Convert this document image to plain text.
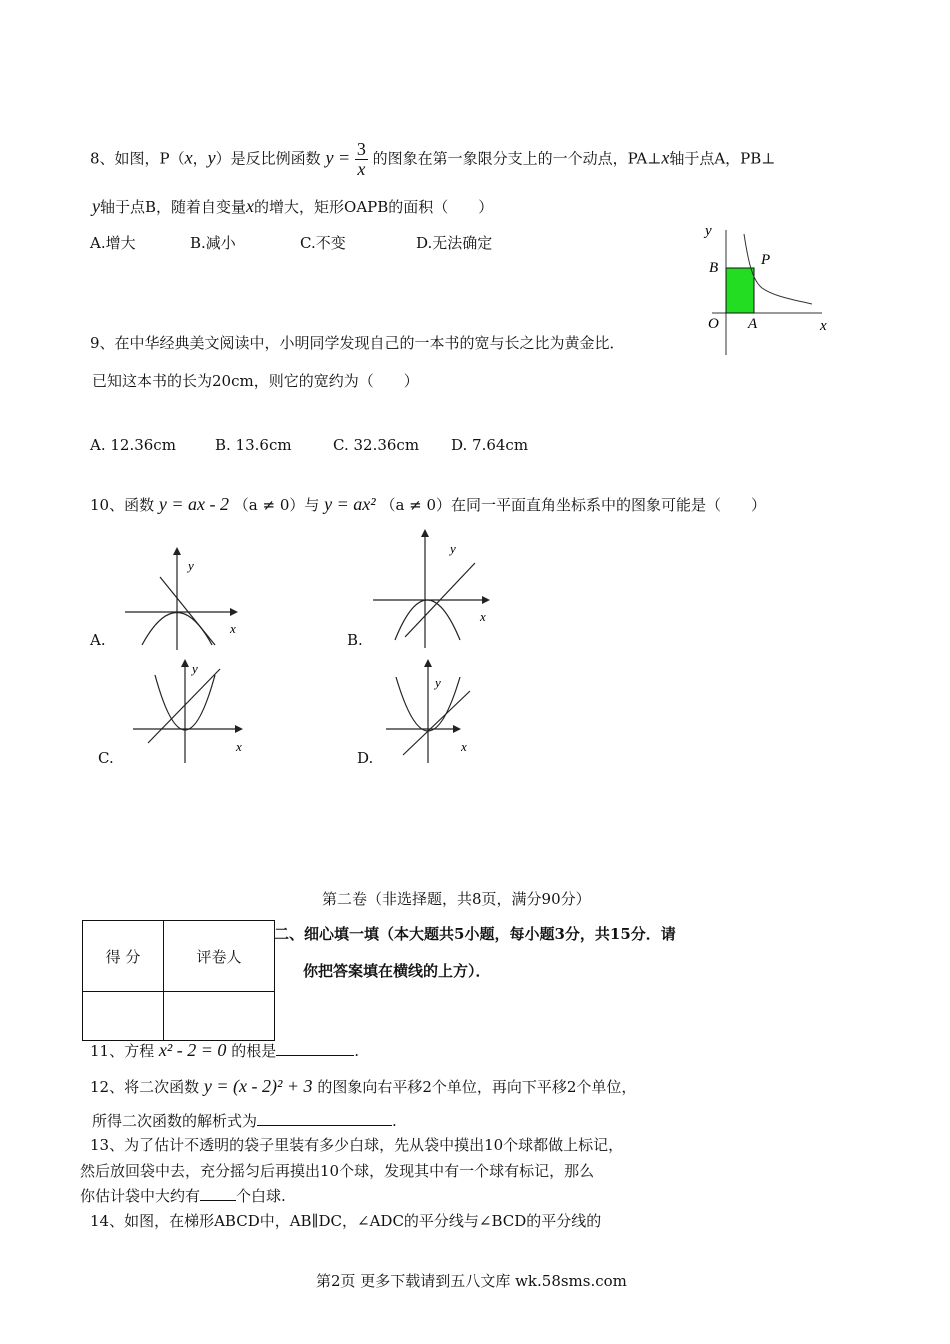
8、如图，P（x，y）是反比例函数 $y = \frac{3}{x}$ 的图象在第一象限分支上的一个动点，PA⊥x轴于点A，PB⊥
y轴于点B，随着自变量x的增大，矩形OAPB的面积（　　）
A.增大	B.减小	C.不变	D.无法确定
y
x
O A
B	P
9、在中华经典美文阅读中，小明同学发现自己的一本书的宽与长之比为黄金比．
已知这本书的长为20cm，则它的宽约为（　　）
A. 12.36cm	B. 13.6cm	C. 32.36cm D. 7.64cm
10、函数 y = ax - 2 （a ≠ 0）与 y = ax² （a ≠ 0）在同一平面直角坐标系中的图象可能是（　　）
y
x
A.
y
x
B.
y
x
C.
y
x
D.
第二卷（非选择题，共8页，满分90分）
得 分	评卷人

二、细心填一填（本大题共5小题，每小题3分，共15分．请
你把答案填在横线的上方）．
11、方程 x² - 2 = 0 的根是	.
12、将二次函数 y = (x - 2)² + 3 的图象向右平移2个单位，再向下平移2个单位，
所得二次函数的解析式为	.
13、为了估计不透明的袋子里装有多少白球，先从袋中摸出10个球都做上标记，
然后放回袋中去，充分摇匀后再摸出10个球，发现其中有一个球有标记，那么
你估计袋中大约有 个白球.
14、如图，在梯形ABCD中，AB∥DC，∠ADC的平分线与∠BCD的平分线的
第2页 更多下载请到五八文库 wk.58sms.com
